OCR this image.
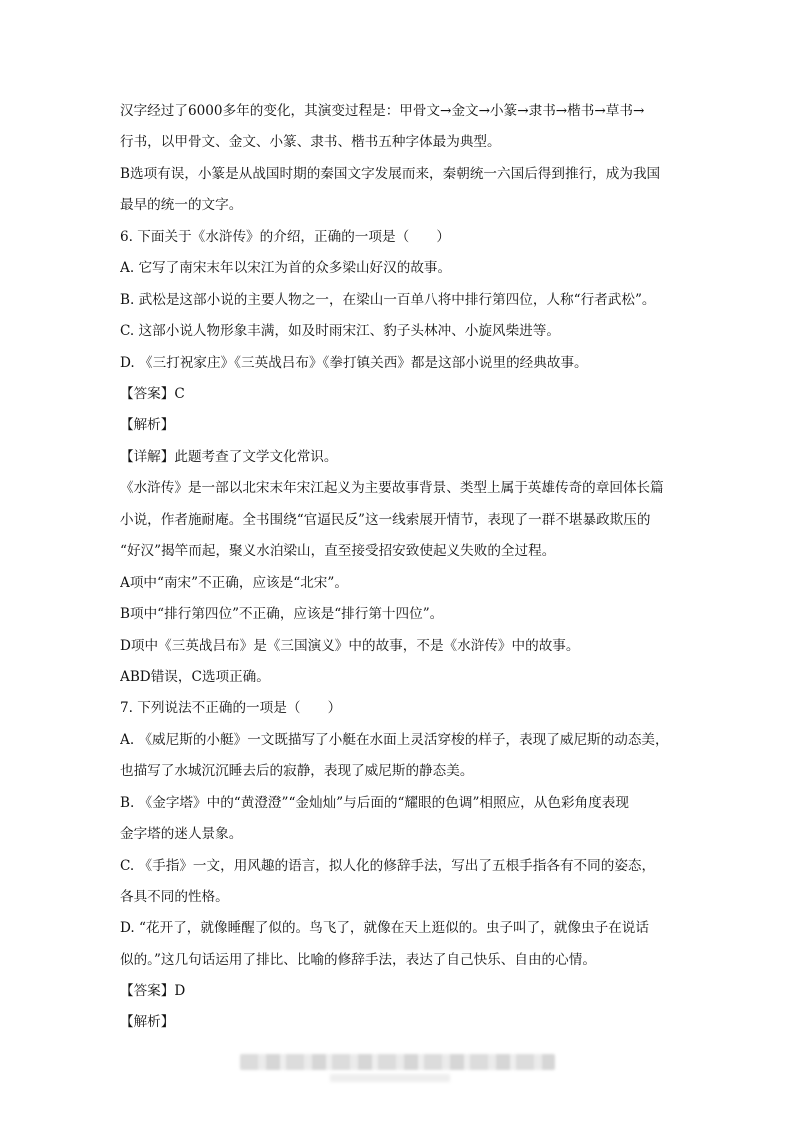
汉字经过了6000多年的变化，其演变过程是：甲骨文→金文→小篆→隶书→楷书→草书→
行书，以甲骨文、金文、小篆、隶书、楷书五种字体最为典型。
B选项有误，小篆是从战国时期的秦国文字发展而来，秦朝统一六国后得到推行，成为我国
最早的统一的文字。
6. 下面关于《水浒传》的介绍，正确的一项是（　　）
A. 它写了南宋末年以宋江为首的众多梁山好汉的故事。
B. 武松是这部小说的主要人物之一，在梁山一百单八将中排行第四位，人称“行者武松”。
C. 这部小说人物形象丰满，如及时雨宋江、豹子头林冲、小旋风柴进等。
D. 《三打祝家庄》《三英战吕布》《拳打镇关西》都是这部小说里的经典故事。
【答案】C
【解析】
【详解】此题考查了文学文化常识。
《水浒传》是一部以北宋末年宋江起义为主要故事背景、类型上属于英雄传奇的章回体长篇
小说，作者施耐庵。全书围绕“官逼民反”这一线索展开情节，表现了一群不堪暴政欺压的
“好汉”揭竿而起，聚义水泊梁山，直至接受招安致使起义失败的全过程。
A项中“南宋”不正确，应该是“北宋”。
B项中“排行第四位”不正确，应该是“排行第十四位”。
D项中《三英战吕布》是《三国演义》中的故事，不是《水浒传》中的故事。
ABD错误，C选项正确。
7. 下列说法不正确的一项是（　　）
A. 《威尼斯的小艇》一文既描写了小艇在水面上灵活穿梭的样子，表现了威尼斯的动态美，
也描写了水城沉沉睡去后的寂静，表现了威尼斯的静态美。
B. 《金字塔》中的“黄澄澄”“金灿灿”与后面的“耀眼的色调”相照应，从色彩角度表现
金字塔的迷人景象。
C. 《手指》一文，用风趣的语言，拟人化的修辞手法，写出了五根手指各有不同的姿态，
各具不同的性格。
D. “花开了，就像睡醒了似的。鸟飞了，就像在天上逛似的。虫子叫了，就像虫子在说话
似的。”这几句话运用了排比、比喻的修辞手法，表达了自己快乐、自由的心情。
【答案】D
【解析】
